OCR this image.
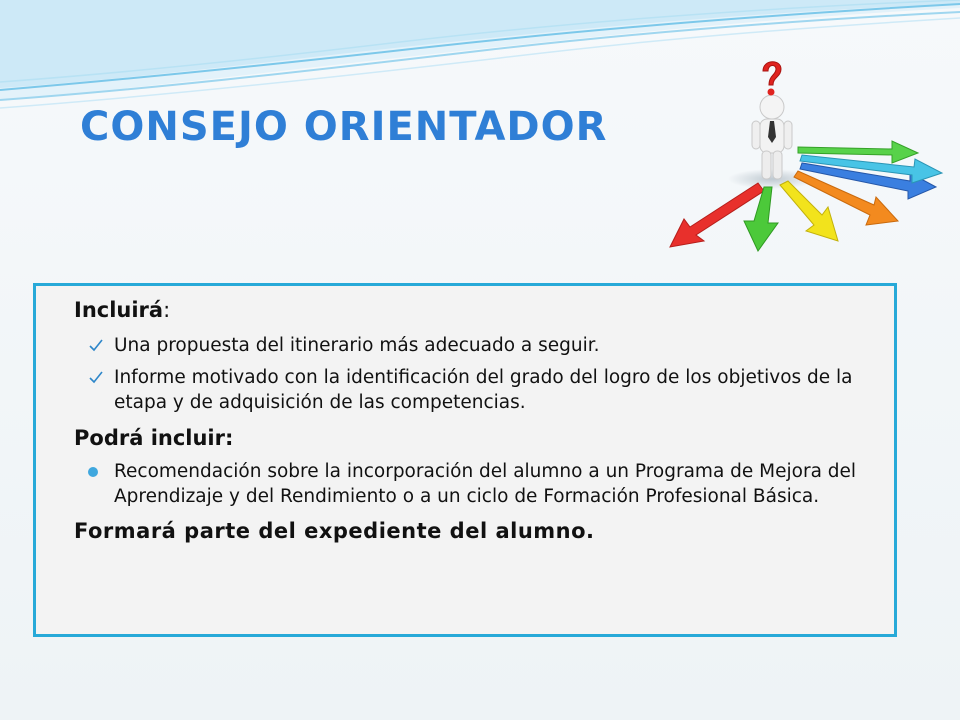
CONSEJO ORIENTADOR
Incluirá:
Una propuesta del itinerario más adecuado a seguir.
Informe motivado con la identificación del grado del logro de los objetivos de la etapa y de adquisición de las competencias.
Podrá incluir:
Recomendación sobre la incorporación del alumno a un Programa de Mejora del Aprendizaje y del Rendimiento o a un ciclo de Formación Profesional Básica.
Formará parte del expediente del alumno.
